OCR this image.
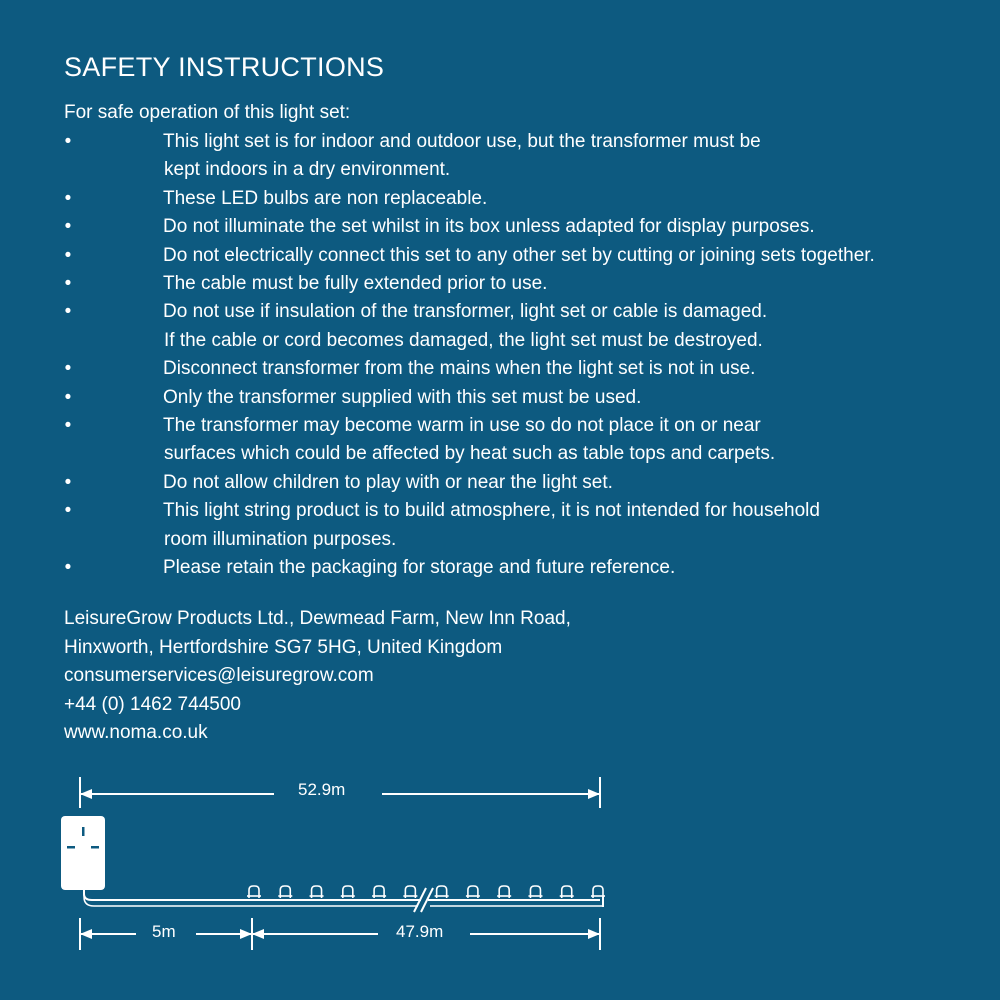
SAFETY INSTRUCTIONS
For safe operation of this light set:
•	This light set is for indoor and outdoor use, but the transformer must be
kept indoors in a dry environment.
•	These LED bulbs are non replaceable.
•	Do not illuminate the set whilst in its box unless adapted for display purposes.
•	Do not electrically connect this set to any other set by cutting or joining sets together.
•	The cable must be fully extended prior to use.
•	Do not use if insulation of the transformer, light set or cable is damaged.
If the cable or cord becomes damaged, the light set must be destroyed.
•	Disconnect transformer from the mains when the light set is not in use.
•	Only the transformer supplied with this set must be used.
•	The transformer may become warm in use so do not place it on or near
surfaces which could be affected by heat such as table tops and carpets.
•	Do not allow children to play with or near the light set.
•	This light string product is to build atmosphere, it is not intended for household
room illumination purposes.
•	Please retain the packaging for storage and future reference.
LeisureGrow Products Ltd., Dewmead Farm, New Inn Road,
Hinxworth, Hertfordshire SG7 5HG, United Kingdom
consumerservices@leisuregrow.com
+44 (0) 1462 744500
www.noma.co.uk
52.9m
5m	47.9m
